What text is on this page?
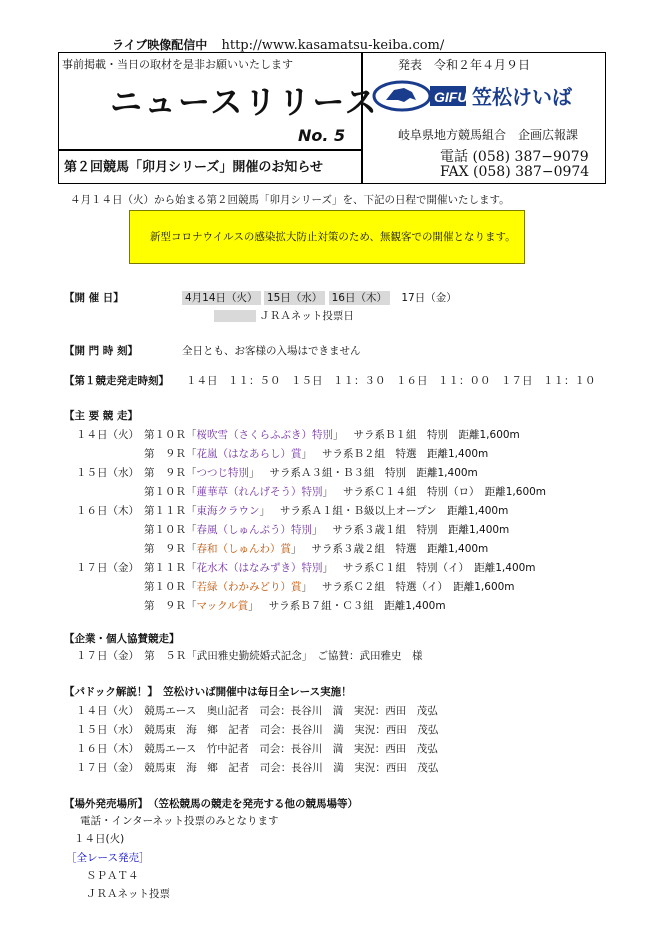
ライブ映像配信中 http://www.kasamatsu-keiba.com/
事前掲載・当日の取材を是非お願いいたします
ニュースリリース
No. 5
第２回競馬「卯月シリーズ」開催のお知らせ
発表　令和２年４月９日
GIFU 笠松けいば
岐阜県地方競馬組合　企画広報課
電話 (058) 387−9079
FAX (058) 387−0974
４月１４日（火）から始まる第２回競馬「卯月シリーズ」を、下記の日程で開催いたします。
新型コロナウイルスの感染拡大防止対策のため、無観客での開催となります。
【開 催 日】	4月14日（火） 15日（水） 16日（木） 17日（金）
ＪＲＡネット投票日
【開 門 時 刻】	全日とも、お客様の入場はできません
【第１競走発走時刻】 １４日　１１：５０　１５日　１１：３０　１６日　１１：００　１７日　１１：１０
【主 要 競 走】
１４日（火） 第１０Ｒ「桜吹雪（さくらふぶき）特別」 サラ系Ｂ１組　特別　距離1,600m
第　９Ｒ「花嵐（はなあらし）賞」 サラ系Ｂ２組　特選　距離1,400m
１５日（水） 第　９Ｒ「つつじ特別」 サラ系Ａ３組・Ｂ３組　特別　距離1,400m
第１０Ｒ「蓮華草（れんげそう）特別」 サラ系Ｃ１４組　特別（ロ）　距離1,600m
１６日（木） 第１１Ｒ「東海クラウン」 サラ系Ａ１組・Ｂ級以上オープン　距離1,400m
第１０Ｒ「春風（しゅんぷう）特別」 サラ系３歳１組　特別　距離1,400m
第　９Ｒ「春和（しゅんわ）賞」 サラ系３歳２組　特選　距離1,400m
１７日（金） 第１１Ｒ「花水木（はなみずき）特別」 サラ系Ｃ１組　特別（イ）　距離1,400m
第１０Ｒ「若緑（わかみどり）賞」 サラ系Ｃ２組　特選（イ）　距離1,600m
第　９Ｒ「マックル賞」 サラ系Ｂ７組・Ｃ３組　距離1,400m
【企業・個人協賛競走】
１７日（金）　第　５Ｒ「武田雅史勤続婚式記念」　ご協賛：武田雅史　様
【パドック解説！】　笠松けいば開催中は毎日全レース実施！
１４日（火）　競馬エース　奥山記者　司会：長谷川　満　実況：西田　茂弘
１５日（水）　競馬東　海　鄉　記者　司会：長谷川　満　実況：西田　茂弘
１６日（木）　競馬エース　竹中記者　司会：長谷川　満　実況：西田　茂弘
１７日（金）　競馬東　海　鄉　記者　司会：長谷川　満　実況：西田　茂弘
【場外発売場所】　（笠松競馬の競走を発売する他の競馬場等）
電話・インターネット投票のみとなります
１４日(火)
［全レース発売］
ＳＰＡＴ４
ＪＲＡネット投票
